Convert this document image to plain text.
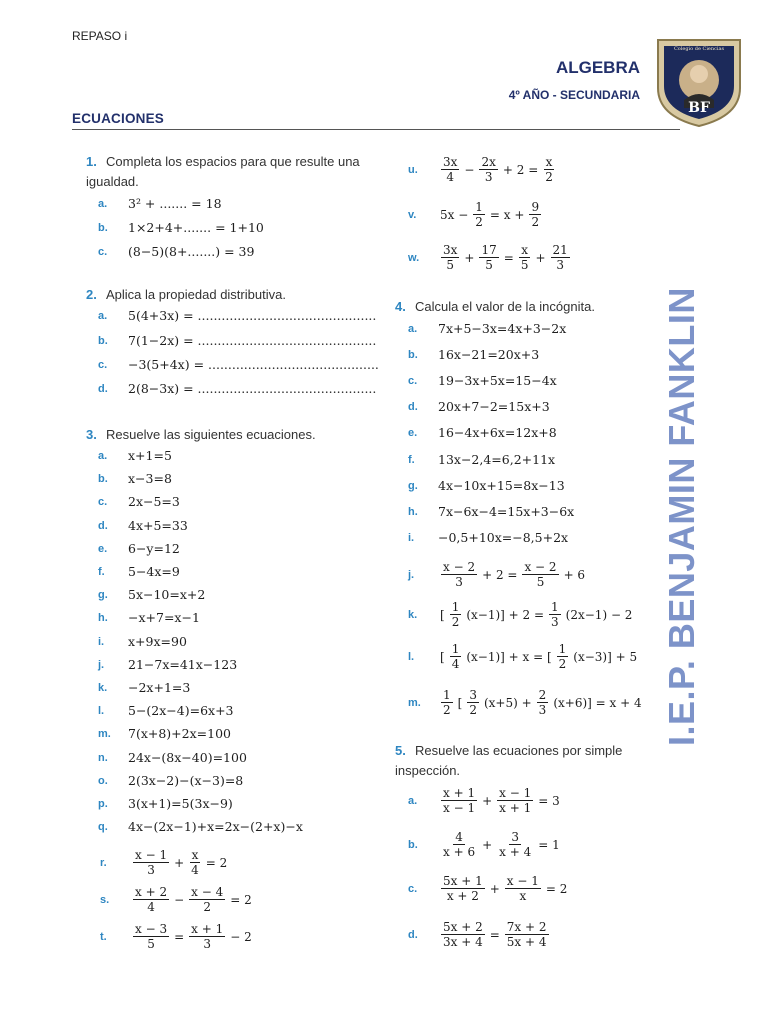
REPASO i
ALGEBRA
4º AÑO - SECUNDARIA
ECUACIONES
I.E.P. BENJAMIN FANKLIN
Colegio de Ciencias
BF
1. Completa los espacios para que resulte una igualdad.
a. 3² + ....... = 18
b. 1×2+4+....... = 1+10
c. (8−5)(8+.......) = 39
2. Aplica la propiedad distributiva.
a. 5(4+3x) = .............................................
b. 7(1−2x) = .............................................
c. −3(5+4x) = ...........................................
d. 2(8−3x) = .............................................
3. Resuelve las siguientes ecuaciones.
a. x+1=5
b. x−3=8
c. 2x−5=3
d. 4x+5=33
e. 6−y=12
f. 5−4x=9
g. 5x−10=x+2
h. −x+7=x−1
i. x+9x=90
j. 21−7x=41x−123
k. −2x+1=3
l. 5−(2x−4)=6x+3
m. 7(x+8)+2x=100
n. 24x−(8x−40)=100
o. 2(3x−2)−(x−3)=8
p. 3(x+1)=5(3x−9)
q. 4x−(2x−1)+x=2x−(2+x)−x
r. $\frac{x - 1}{3} + \frac{x}{4} = 2$
s. $\frac{x + 2}{4} - \frac{x - 4}{2} = 2$
t. $\frac{x - 3}{5} = \frac{x + 1}{3} - 2$
u. $\frac{3x}{4} - \frac{2x}{3} + 2 = \frac{x}{2}$
v. $5x - \frac{1}{2} = x + \frac{9}{2}$
w. $\frac{3x}{5} + \frac{17}{5} = \frac{x}{5} + \frac{21}{3}$
4. Calcula el valor de la incógnita.
a. 7x+5−3x=4x+3−2x
b. 16x−21=20x+3
c. 19−3x+5x=15−4x
d. 20x+7−2=15x+3
e. 16−4x+6x=12x+8
f. 13x−2,4=6,2+11x
g. 4x−10x+15=8x−13
h. 7x−6x−4=15x+3−6x
i. −0,5+10x=−8,5+2x
j. $\frac{x - 2}{3} + 2 = \frac{x - 2}{5} + 6$
k. [ $\frac{1}{2} (x-1)] + 2 = \frac{1}{3} (2x-1) - 2$
l. [ $\frac{1}{4} (x-1)] + x$ = [ $\frac{1}{2} (x-3)] + 5$
m. $\frac{1}{2}$ [ $\frac{3}{2} (x+5) + \frac{2}{3} (x+6)] = x + 4$
5. Resuelve las ecuaciones por simple inspección.
a. $\frac{x + 1}{x - 1} + \frac{x - 1}{x + 1} = 3$
b. $\frac{4}{x + 6} + \frac{3}{x + 4} = 1$
c. $\frac{5x + 1}{x + 2} + \frac{x - 1}{x} = 2$
d. $\frac{5x + 2}{3x + 4} = \frac{7x + 2}{5x + 4}$
